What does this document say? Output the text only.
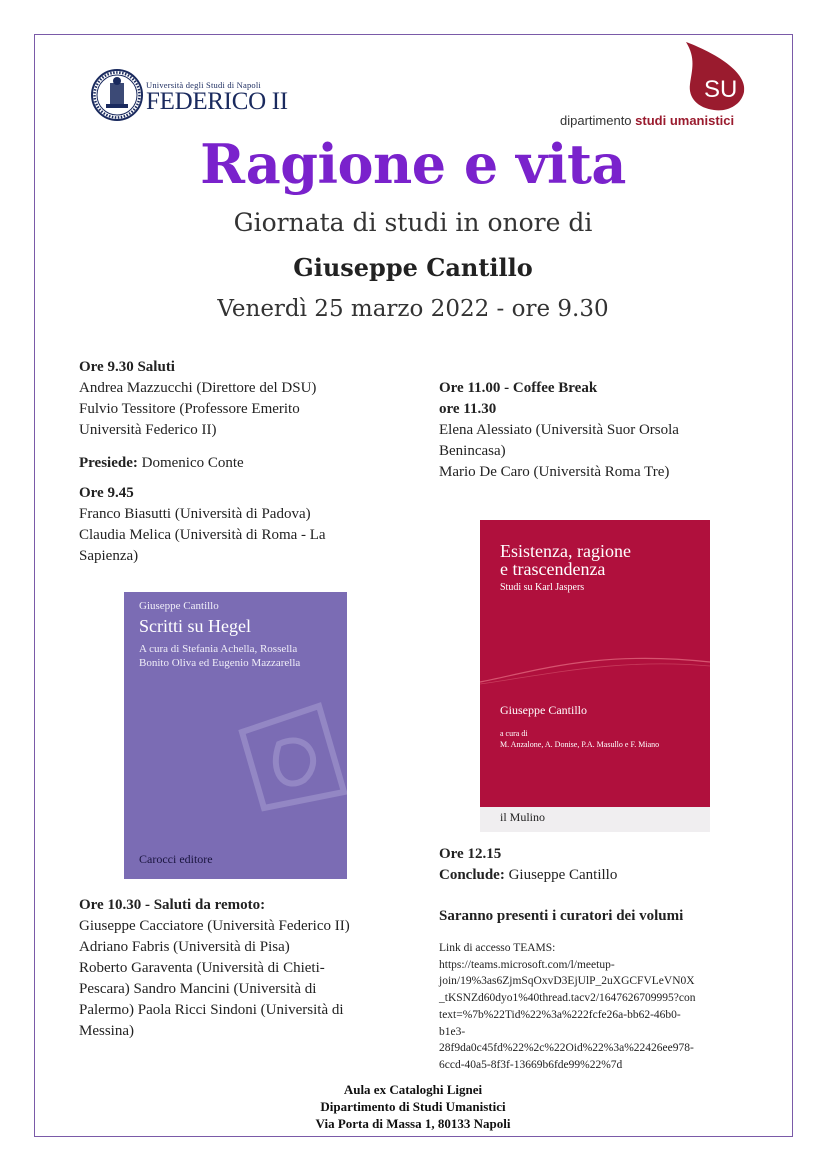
Università degli Studi di Napoli
FEDERICO II	SU
dipartimento studi umanistici
Ragione e vita
Giornata di studi in onore di
Giuseppe Cantillo
Venerdì 25 marzo 2022 - ore 9.30
Ore 9.30 Saluti
Andrea Mazzucchi (Direttore del DSU)
Fulvio Tessitore (Professore Emerito
Università Federico II)
Presiede: Domenico Conte
Ore 9.45
Franco Biasutti (Università di Padova)
Claudia Melica (Università di Roma - La
Sapienza)
Ore 10.30 - Saluti da remoto:
Giuseppe Cacciatore (Università Federico II)
Adriano Fabris (Università di Pisa)
Roberto Garaventa (Università di Chieti-
Pescara) Sandro Mancini (Università di
Palermo) Paola Ricci Sindoni (Università di
Messina)
Ore 11.00 - Coffee Break
ore 11.30
Elena Alessiato (Università Suor Orsola
Benincasa)
Mario De Caro (Università Roma Tre)
Ore 12.15
Conclude: Giuseppe Cantillo
Saranno presenti i curatori dei volumi
Giuseppe Cantillo
Scritti su Hegel
A cura di Stefania Achella, Rossella
Bonito Oliva ed Eugenio Mazzarella
Carocci editore
Esistenza, ragione
e trascendenza
Studi su Karl Jaspers
Giuseppe Cantillo
a cura di
M. Anzalone, A. Donise, P.A. Masullo e F. Miano
il Mulino
Link di accesso TEAMS:
https://teams.microsoft.com/l/meetup-
join/19%3as6ZjmSqOxvD3EjUlP_2uXGCFVLeVN0X
_tKSNZd60dyo1%40thread.tacv2/1647626709995?con
text=%7b%22Tid%22%3a%222fcfe26a-bb62-46b0-
b1e3-
28f9da0c45fd%22%2c%22Oid%22%3a%22426ee978-
6ccd-40a5-8f3f-13669b6fde99%22%7d
Aula ex Cataloghi Lignei
Dipartimento di Studi Umanistici
Via Porta di Massa 1, 80133 Napoli
